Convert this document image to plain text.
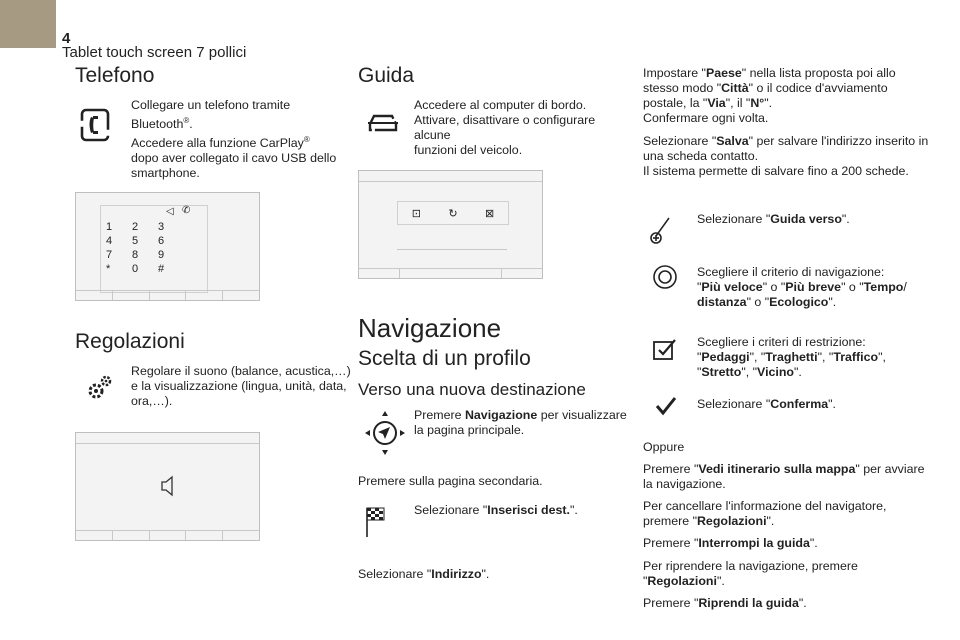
4
Tablet touch screen 7 pollici
Telefono
Collegare un telefono tramite Bluetooth®.
Accedere alla funzione CarPlay®
dopo aver collegato il cavo USB dello
smartphone.
◁ ✆
1	2	3
4	5	6
7	8	9
*	0	#
Regolazioni
Regolare il suono (balance, acustica,…)
e la visualizzazione (lingua, unità, data,
ora,…).
Guida
Accedere al computer di bordo.
Attivare, disattivare o configurare alcune
funzioni del veicolo.
⊡ ↻ ⊠
Navigazione
Scelta di un profilo
Verso una nuova destinazione
Premere Navigazione per visualizzare
la pagina principale.
Premere sulla pagina secondaria.
Selezionare "Inserisci dest.".
Selezionare "Indirizzo".
Impostare "Paese" nella lista proposta poi allo
stesso modo "Città" o il codice d'avviamento
postale, la "Via", il "N°".
Confermare ogni volta.
Selezionare "Salva" per salvare l'indirizzo inserito in
una scheda contatto.
Il sistema permette di salvare fino a 200 schede.
Selezionare "Guida verso".
Scegliere il criterio di navigazione:
"Più veloce" o "Più breve" o "Tempo/
distanza" o "Ecologico".
Scegliere i criteri di restrizione:
"Pedaggi", "Traghetti", "Traffico",
"Stretto", "Vicino".
Selezionare "Conferma".
Oppure
Premere "Vedi itinerario sulla mappa" per avviare
la navigazione.
Per cancellare l'informazione del navigatore,
premere "Regolazioni".
Premere "Interrompi la guida".
Per riprendere la navigazione, premere
"Regolazioni".
Premere "Riprendi la guida".
